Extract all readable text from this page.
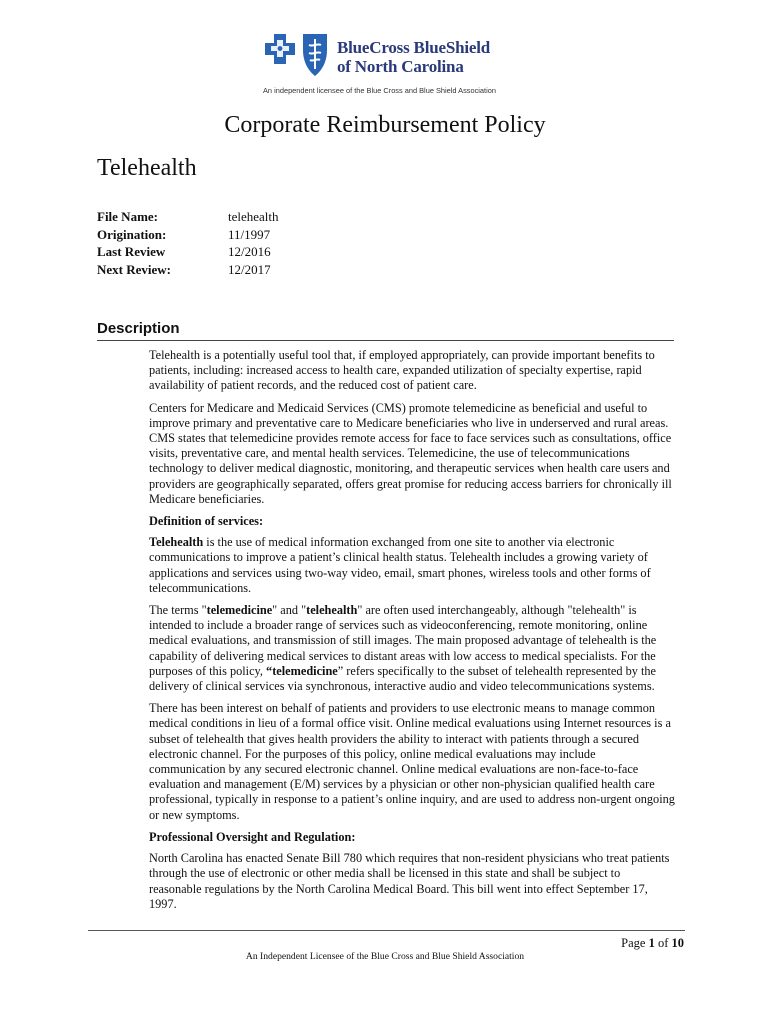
BlueCross BlueShield
of North Carolina
An independent licensee of the Blue Cross and Blue Shield Association
Corporate Reimbursement Policy
Telehealth
File Name:	telehealth
Origination:	11/1997
Last Review	12/2016
Next Review:	12/2017
Description

Telehealth is a potentially useful tool that, if employed appropriately, can provide important benefits to patients, including: increased access to health care, expanded utilization of specialty expertise, rapid availability of patient records, and the reduced cost of patient care.

Centers for Medicare and Medicaid Services (CMS) promote telemedicine as beneficial and useful to improve primary and preventative care to Medicare beneficiaries who live in underserved and rural areas. CMS states that telemedicine provides remote access for face to face services such as consultations, office visits, preventative care, and mental health services. Telemedicine, the use of telecommunications technology to deliver medical diagnostic, monitoring, and therapeutic services when health care users and providers are geographically separated, offers great promise for reducing access barriers for chronically ill Medicare beneficiaries.

Definition of services:

Telehealth is the use of medical information exchanged from one site to another via electronic communications to improve a patient’s clinical health status. Telehealth includes a growing variety of applications and services using two-way video, email, smart phones, wireless tools and other forms of telecommunications.

The terms "telemedicine" and "telehealth" are often used interchangeably, although "telehealth" is intended to include a broader range of services such as videoconferencing, remote monitoring, online medical evaluations, and transmission of still images. The main proposed advantage of telehealth is the capability of delivering medical services to distant areas with low access to medical specialists. For the purposes of this policy, “telemedicine” refers specifically to the subset of telehealth represented by the delivery of clinical services via synchronous, interactive audio and video telecommunications systems.

There has been interest on behalf of patients and providers to use electronic means to manage common medical conditions in lieu of a formal office visit. Online medical evaluations using Internet resources is a subset of telehealth that gives health providers the ability to interact with patients through a secured electronic channel. For the purposes of this policy, online medical evaluations may include communication by any secured electronic channel. Online medical evaluations are non-face-to-face evaluation and management (E/M) services by a physician or other non-physician qualified health care professional, typically in response to a patient’s online inquiry, and are used to address non-urgent ongoing or new symptoms.

Professional Oversight and Regulation:

North Carolina has enacted Senate Bill 780 which requires that non-resident physicians who treat patients through the use of electronic or other media shall be licensed in this state and shall be subject to reasonable regulations by the North Carolina Medical Board. This bill went into effect September 17, 1997.

Page 1 of 10
An Independent Licensee of the Blue Cross and Blue Shield Association
